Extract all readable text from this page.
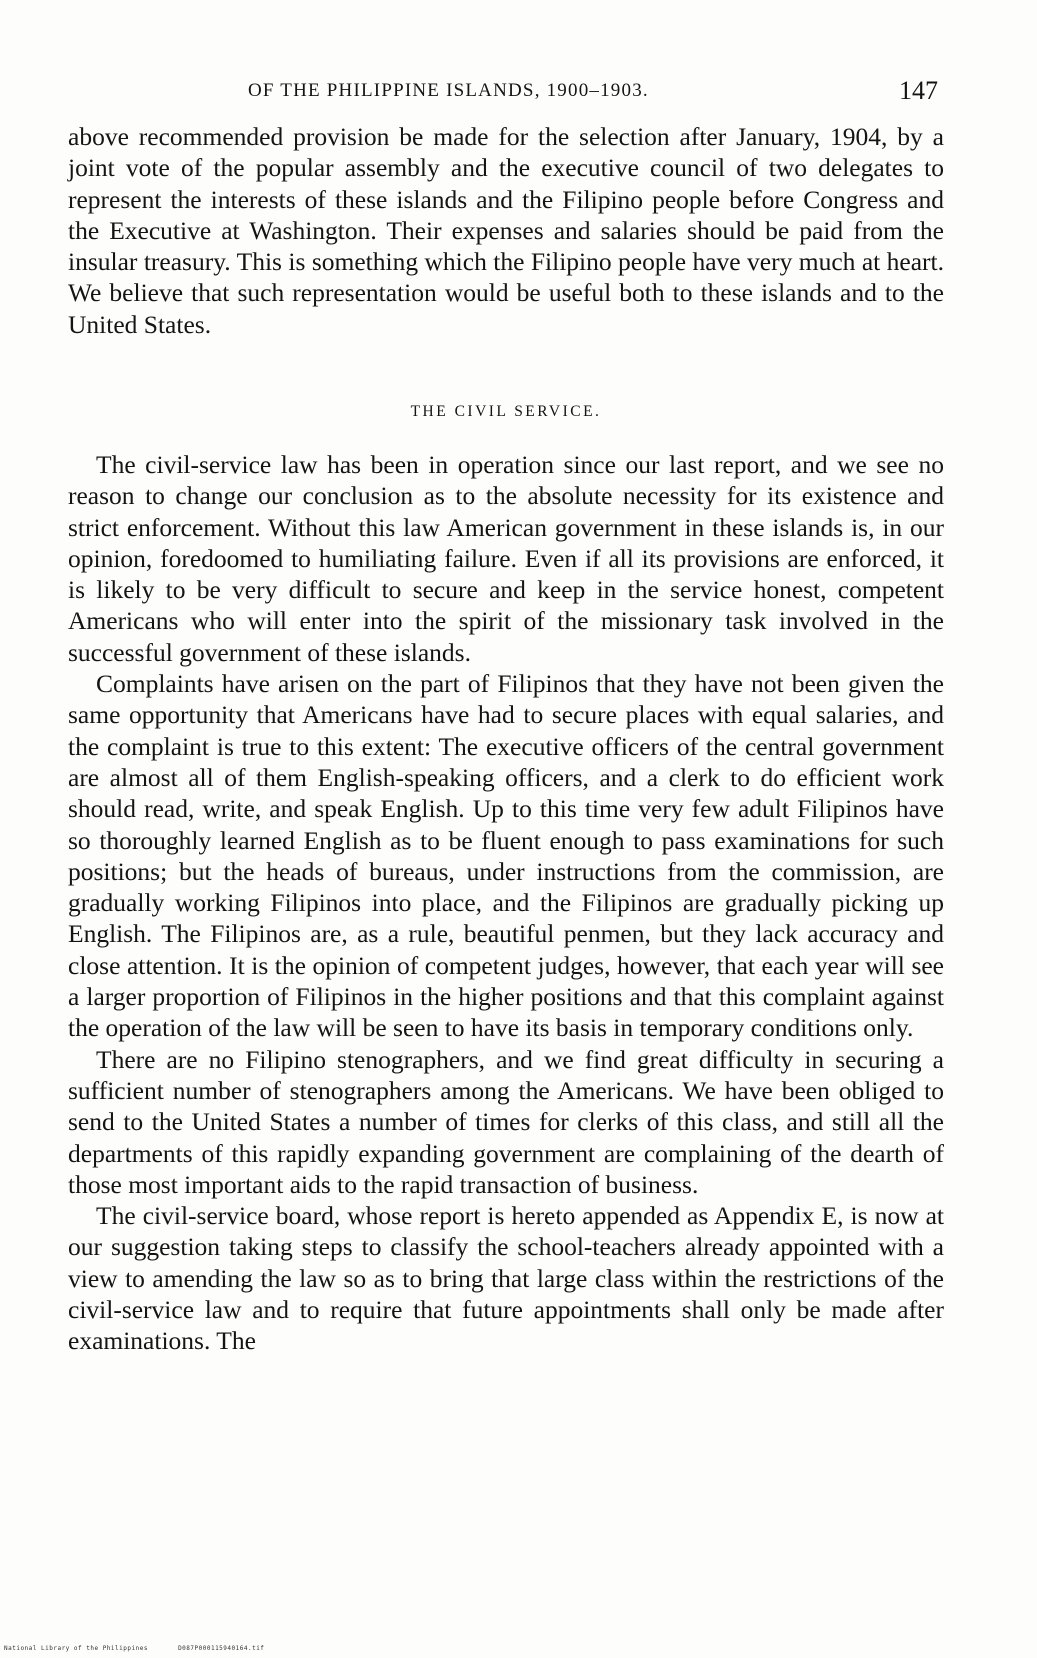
OF THE PHILIPPINE ISLANDS, 1900–1903.	147

above recommended provision be made for the selection after January, 1904, by a joint vote of the popular assembly and the executive council of two delegates to represent the interests of these islands and the Filipino people before Congress and the Executive at Washington. Their expenses and salaries should be paid from the insular treasury. This is something which the Filipino people have very much at heart. We believe that such representation would be useful both to these islands and to the United States.

THE CIVIL SERVICE.

The civil-service law has been in operation since our last report, and we see no reason to change our conclusion as to the absolute necessity for its existence and strict enforcement. Without this law American government in these islands is, in our opinion, foredoomed to humiliating failure. Even if all its provisions are enforced, it is likely to be very difficult to secure and keep in the service honest, competent Americans who will enter into the spirit of the missionary task involved in the successful government of these islands.

Complaints have arisen on the part of Filipinos that they have not been given the same opportunity that Americans have had to secure places with equal salaries, and the complaint is true to this extent: The executive officers of the central government are almost all of them English-speaking officers, and a clerk to do efficient work should read, write, and speak English. Up to this time very few adult Filipinos have so thoroughly learned English as to be fluent enough to pass examinations for such positions; but the heads of bureaus, under instructions from the commission, are gradually working Filipinos into place, and the Filipinos are gradually picking up English. The Filipinos are, as a rule, beautiful penmen, but they lack accuracy and close attention. It is the opinion of competent judges, however, that each year will see a larger proportion of Filipinos in the higher positions and that this complaint against the operation of the law will be seen to have its basis in temporary conditions only.

There are no Filipino stenographers, and we find great difficulty in securing a sufficient number of stenographers among the Americans. We have been obliged to send to the United States a number of times for clerks of this class, and still all the departments of this rapidly expanding government are complaining of the dearth of those most important aids to the rapid transaction of business.

The civil-service board, whose report is hereto appended as Appendix E, is now at our suggestion taking steps to classify the school-teachers already appointed with a view to amending the law so as to bring that large class within the restrictions of the civil-service law and to require that future appointments shall only be made after examinations. The

National Library of the Philippines	D087P000115940164.tif
